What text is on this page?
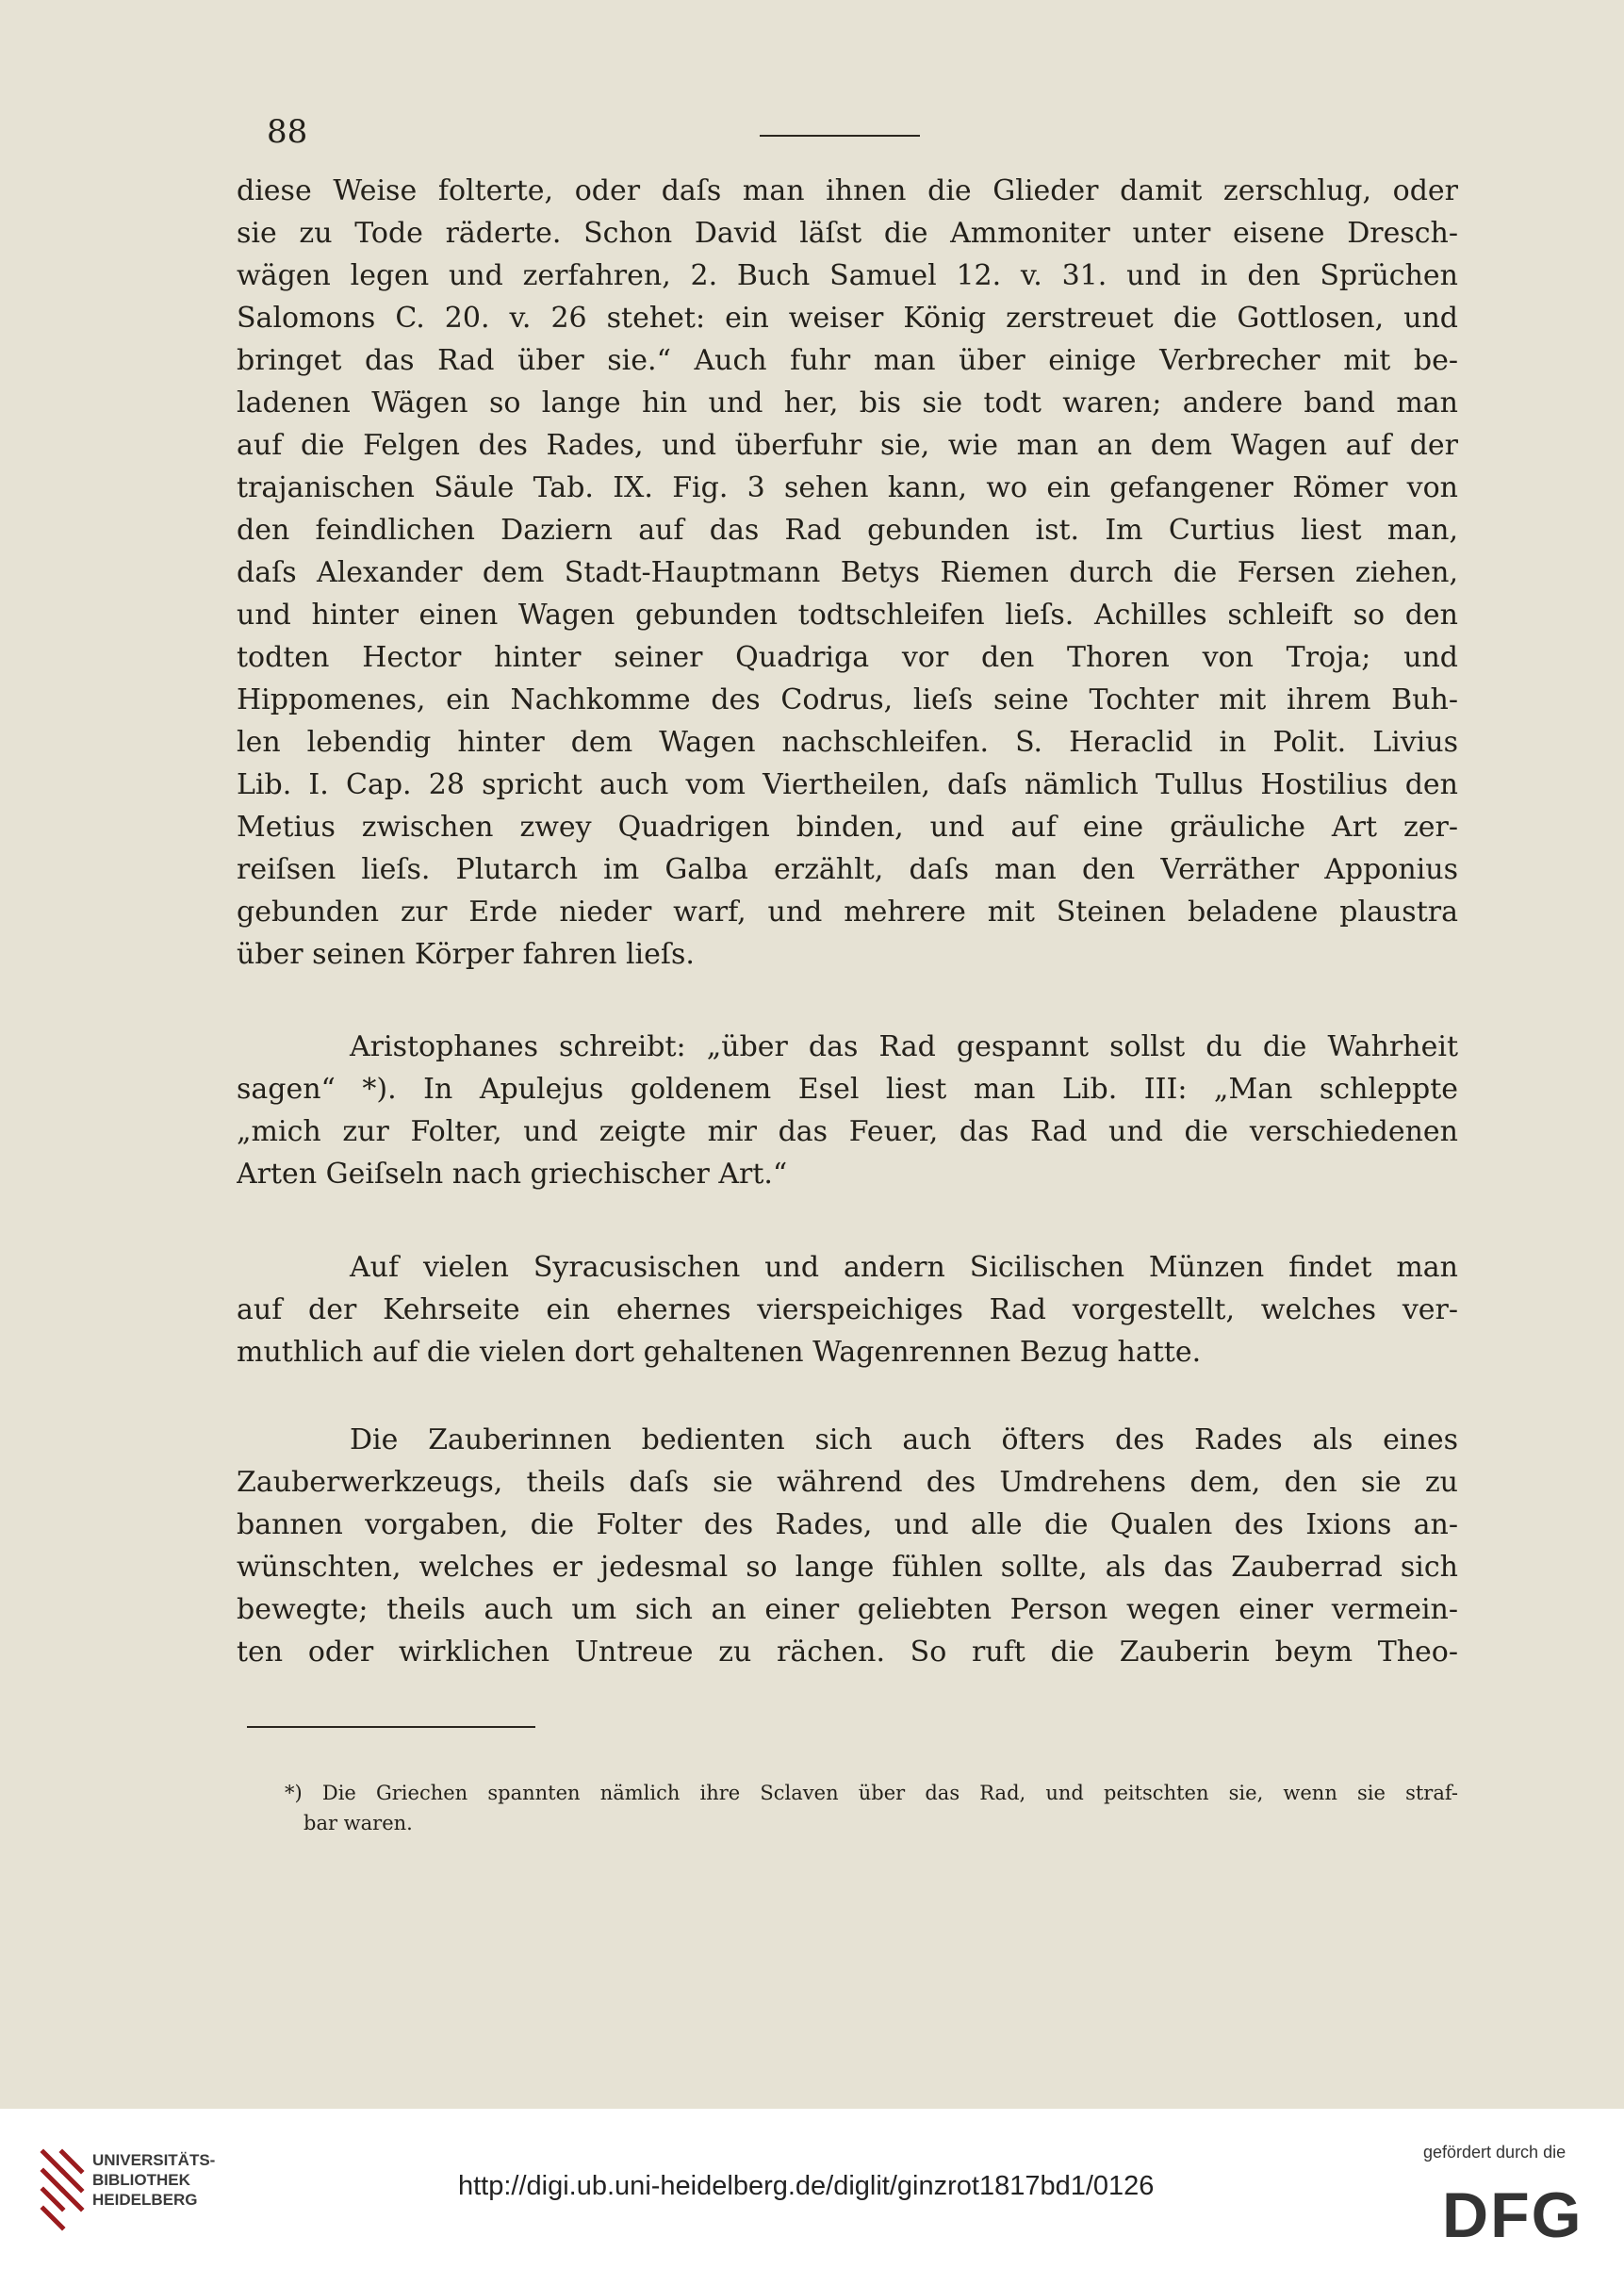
88
diese Weise folterte, oder daſs man ihnen die Glieder damit zerschlug, oder
sie zu Tode räderte. Schon David läſst die Ammoniter unter eisene Dresch-
wägen legen und zerfahren, 2. Buch Samuel 12. v. 31. und in den Sprüchen
Salomons C. 20. v. 26 stehet: ein weiser König zerstreuet die Gottlosen, und
bringet das Rad über sie.“ Auch fuhr man über einige Verbrecher mit be-
ladenen Wägen so lange hin und her, bis sie todt waren; andere band man
auf die Felgen des Rades, und überfuhr sie, wie man an dem Wagen auf der
trajanischen Säule Tab. IX. Fig. 3 sehen kann, wo ein gefangener Römer von
den feindlichen Daziern auf das Rad gebunden ist. Im Curtius liest man,
daſs Alexander dem Stadt-Hauptmann Betys Riemen durch die Fersen ziehen,
und hinter einen Wagen gebunden todtschleifen lieſs. Achilles schleift so den
todten Hector hinter seiner Quadriga vor den Thoren von Troja; und
Hippomenes, ein Nachkomme des Codrus, lieſs seine Tochter mit ihrem Buh-
len lebendig hinter dem Wagen nachschleifen. S. Heraclid in Polit. Livius
Lib. I. Cap. 28 spricht auch vom Viertheilen, daſs nämlich Tullus Hostilius den
Metius zwischen zwey Quadrigen binden, und auf eine gräuliche Art zer-
reiſsen lieſs. Plutarch im Galba erzählt, daſs man den Verräther Apponius
gebunden zur Erde nieder warf, und mehrere mit Steinen beladene plaustra
über seinen Körper fahren lieſs.
Aristophanes schreibt: „über das Rad gespannt sollst du die Wahrheit
sagen“ *). In Apulejus goldenem Esel liest man Lib. III: „Man schleppte
„mich zur Folter, und zeigte mir das Feuer, das Rad und die verschiedenen
Arten Geiſseln nach griechischer Art.“
Auf vielen Syracusischen und andern Sicilischen Münzen findet man
auf der Kehrseite ein ehernes vierspeichiges Rad vorgestellt, welches ver-
muthlich auf die vielen dort gehaltenen Wagenrennen Bezug hatte.
Die Zauberinnen bedienten sich auch öfters des Rades als eines
Zauberwerkzeugs, theils daſs sie während des Umdrehens dem, den sie zu
bannen vorgaben, die Folter des Rades, und alle die Qualen des Ixions an-
wünschten, welches er jedesmal so lange fühlen sollte, als das Zauberrad sich
bewegte; theils auch um sich an einer geliebten Person wegen einer vermein-
ten oder wirklichen Untreue zu rächen. So ruft die Zauberin beym Theo-
*) Die Griechen spannten nämlich ihre Sclaven über das Rad, und peitschten sie, wenn sie straf-
bar waren.
UNIVERSITÄTS-
BIBLIOTHEK
HEIDELBERG	http://digi.ub.uni-heidelberg.de/diglit/ginzrot1817bd1/0126
gefördert durch die
DFG
